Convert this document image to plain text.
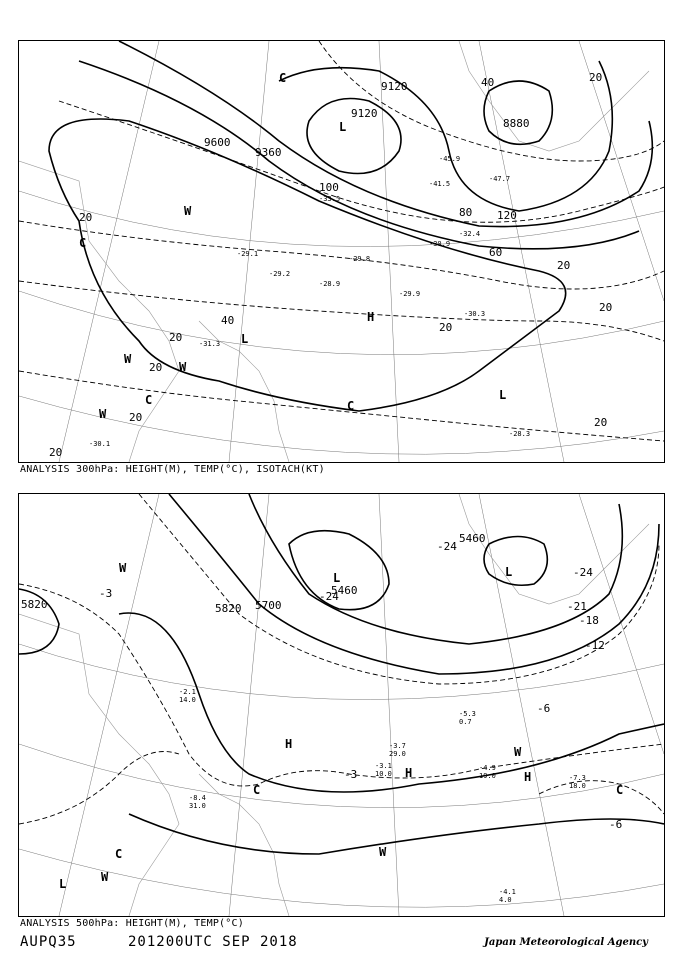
9600
9360
9120
9120
8880
20
20
20
20
40
40
60
80
100
120
20
20
20
20
20
20
-29.1
-28.9
-29.8
-29.9
-30.3
-29.2
-31.3
-28.3
-30.1
-30.9
-32.4
-41.5
-33.5
-45.9
-47.7
W
W
W
W
C
C
C
C
L
L
L
H
ANALYSIS 300hPa: HEIGHT(M), TEMP(°C), ISOTACH(KT)
5820	5820 5700
5460
5460
-3
-3
-6
-6
-12
-18
-21
-24
-24
-24
-3.7
29.0
-4.9
19.0
-4.1
4.0
-3.1
10.0
-5.3
0.7
-2.1
14.0
-7.3
18.0
-8.4
31.0
W
W
W
W
C
C	C
L	L
L
H	H
H
ANALYSIS 500hPa: HEIGHT(M), TEMP(°C)
AUPQ35	201200UTC SEP 2018	Japan Meteorological Agency
